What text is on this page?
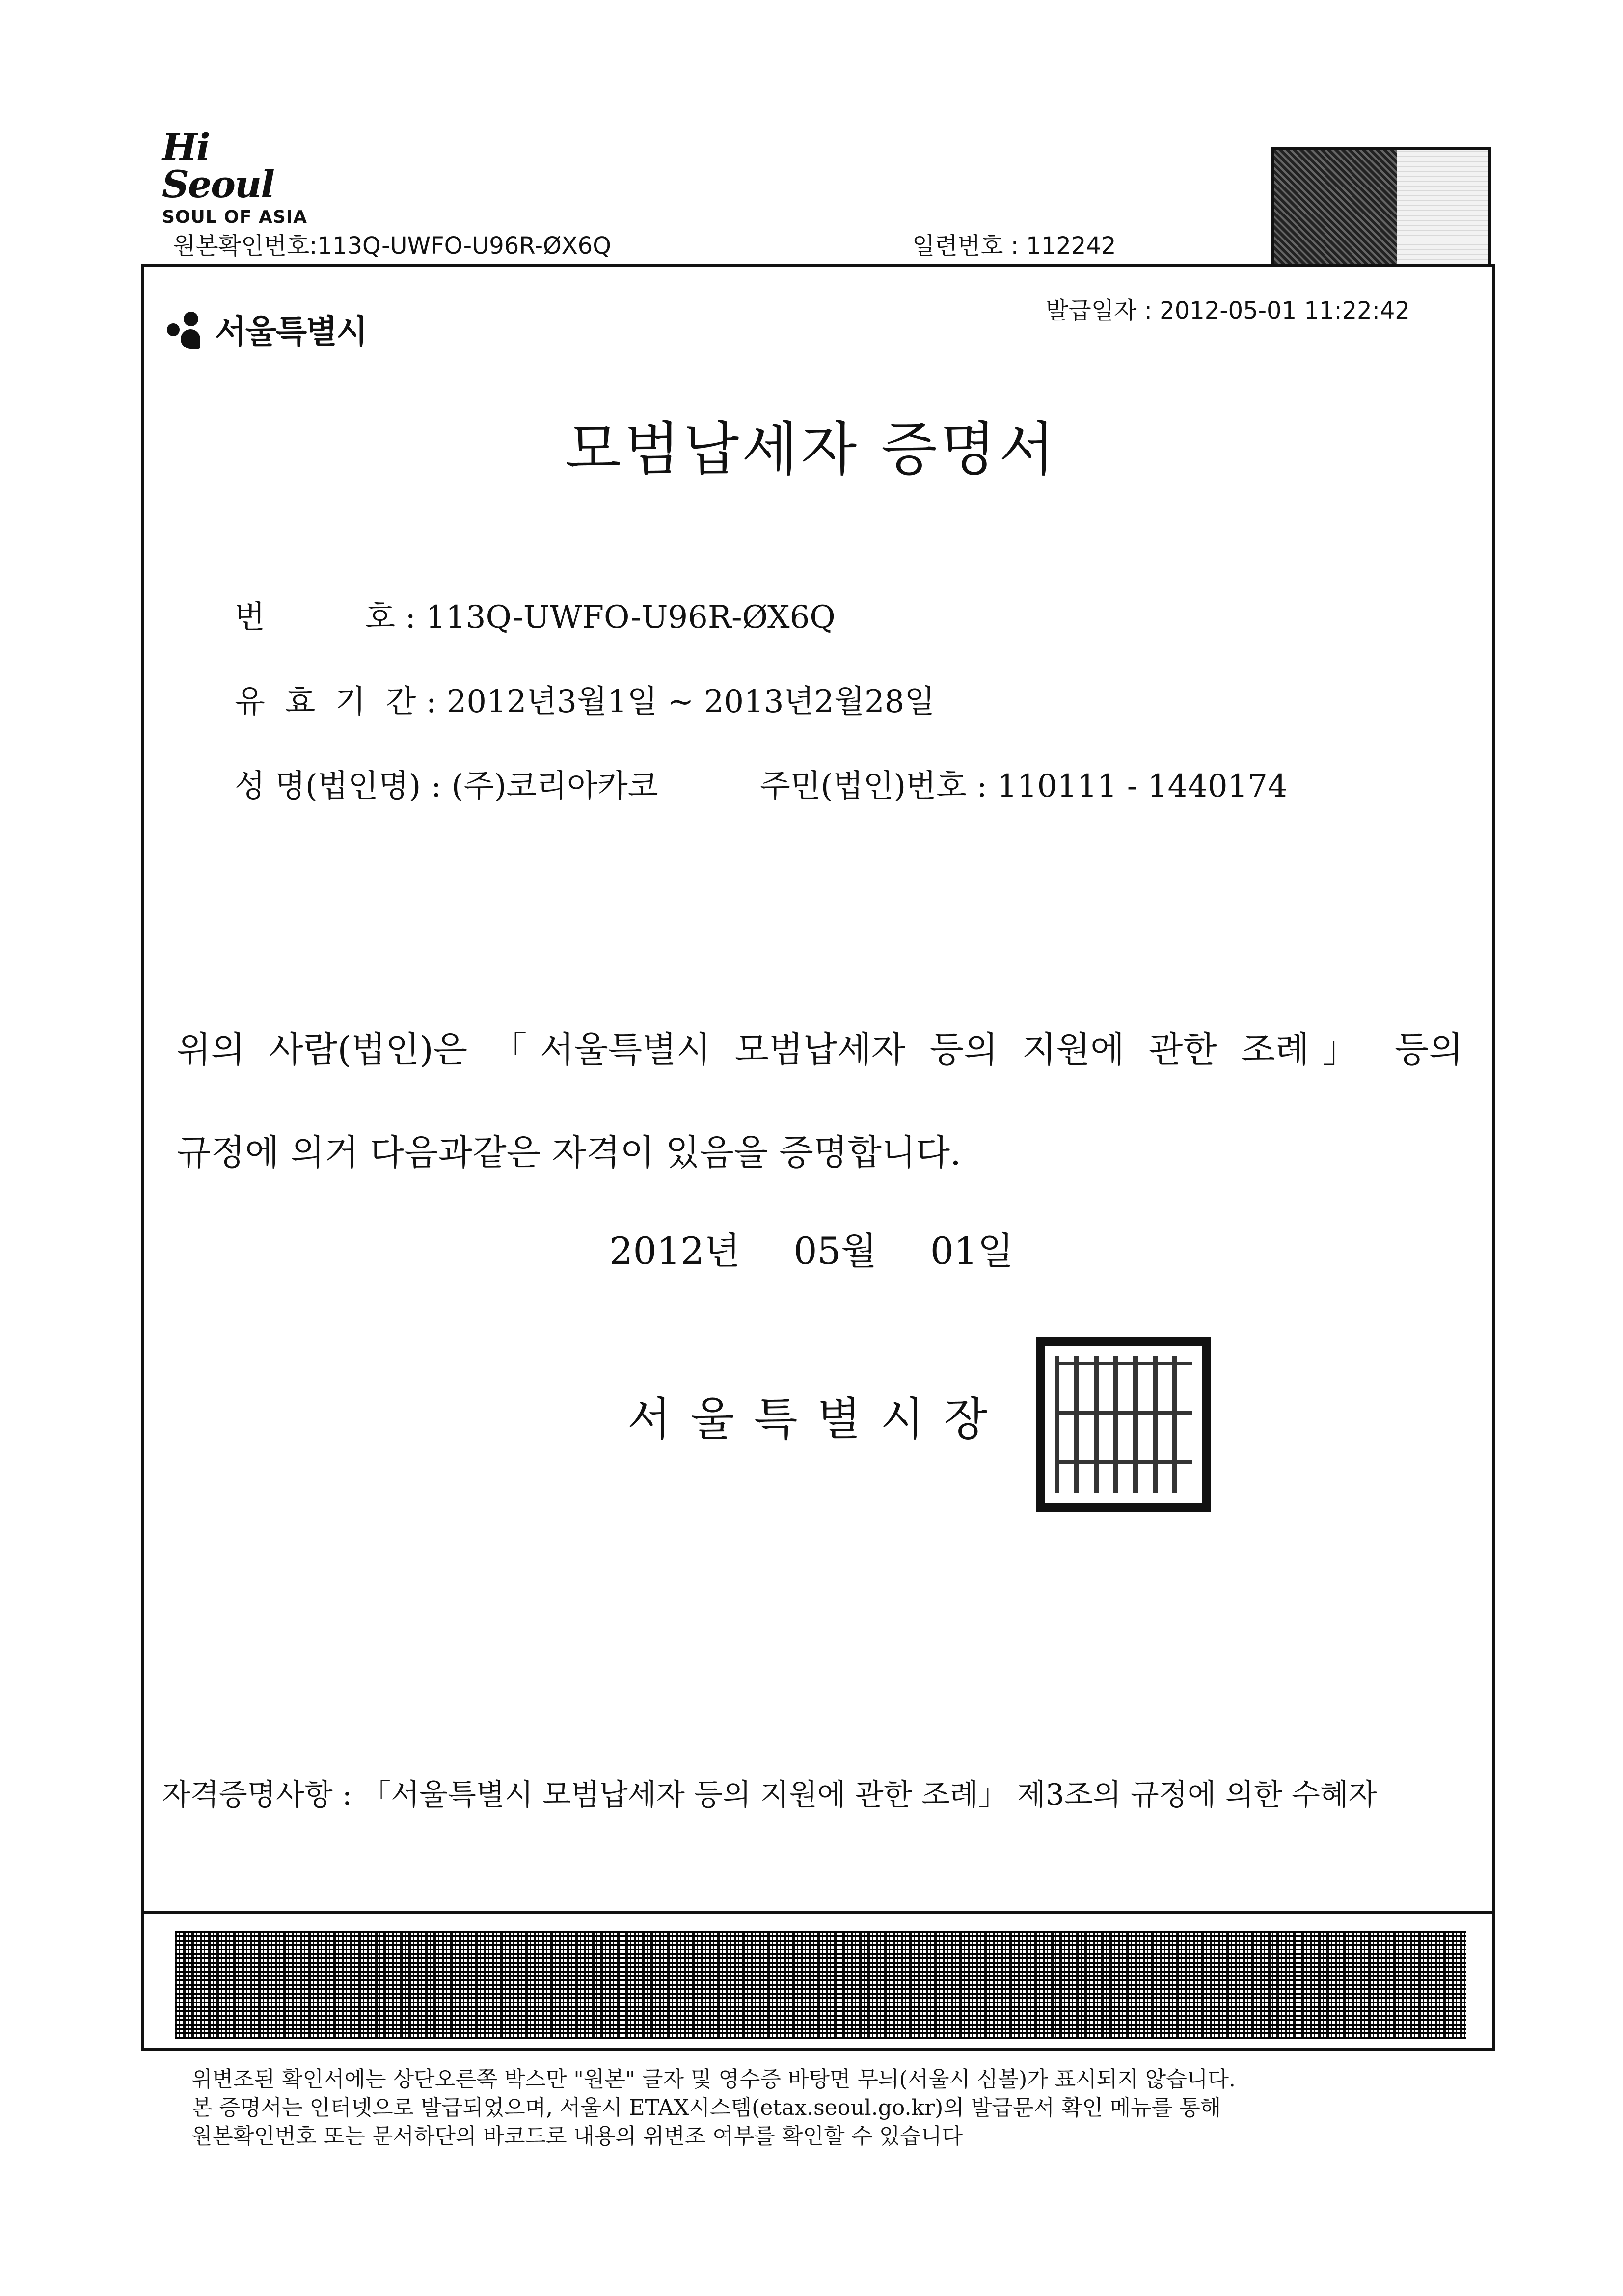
Hi Seoul
SOUL OF ASIA
원본확인번호:113Q-UWFO-U96R-ØX6Q	일련번호 : 112242
서울특별시
발급일자 : 2012-05-01 11:22:42
모범납세자 증명서
번          호 : 113Q-UWFO-U96R-ØX6Q
유  효  기  간 : 2012년3월1일 ~ 2013년2월28일
성 명(법인명) : (주)코리아카코	주민(법인)번호 : 110111 - 1440174
위의 사람(법인)은 「서울특별시 모범납세자 등의 지원에 관한 조례」 등의
규정에 의거 다음과같은 자격이 있음을 증명합니다.
2012년  05월  01일
서울특별시장
자격증명사항 : 「서울특별시 모범납세자 등의 지원에 관한 조례」 제3조의 규정에 의한 수혜자
위변조된 확인서에는 상단오른쪽 박스만 "원본" 글자 및 영수증 바탕면 무늬(서울시 심볼)가 표시되지 않습니다.
본 증명서는 인터넷으로 발급되었으며, 서울시 ETAX시스템(etax.seoul.go.kr)의 발급문서 확인 메뉴를 통해
원본확인번호 또는 문서하단의 바코드로 내용의 위변조 여부를 확인할 수 있습니다
